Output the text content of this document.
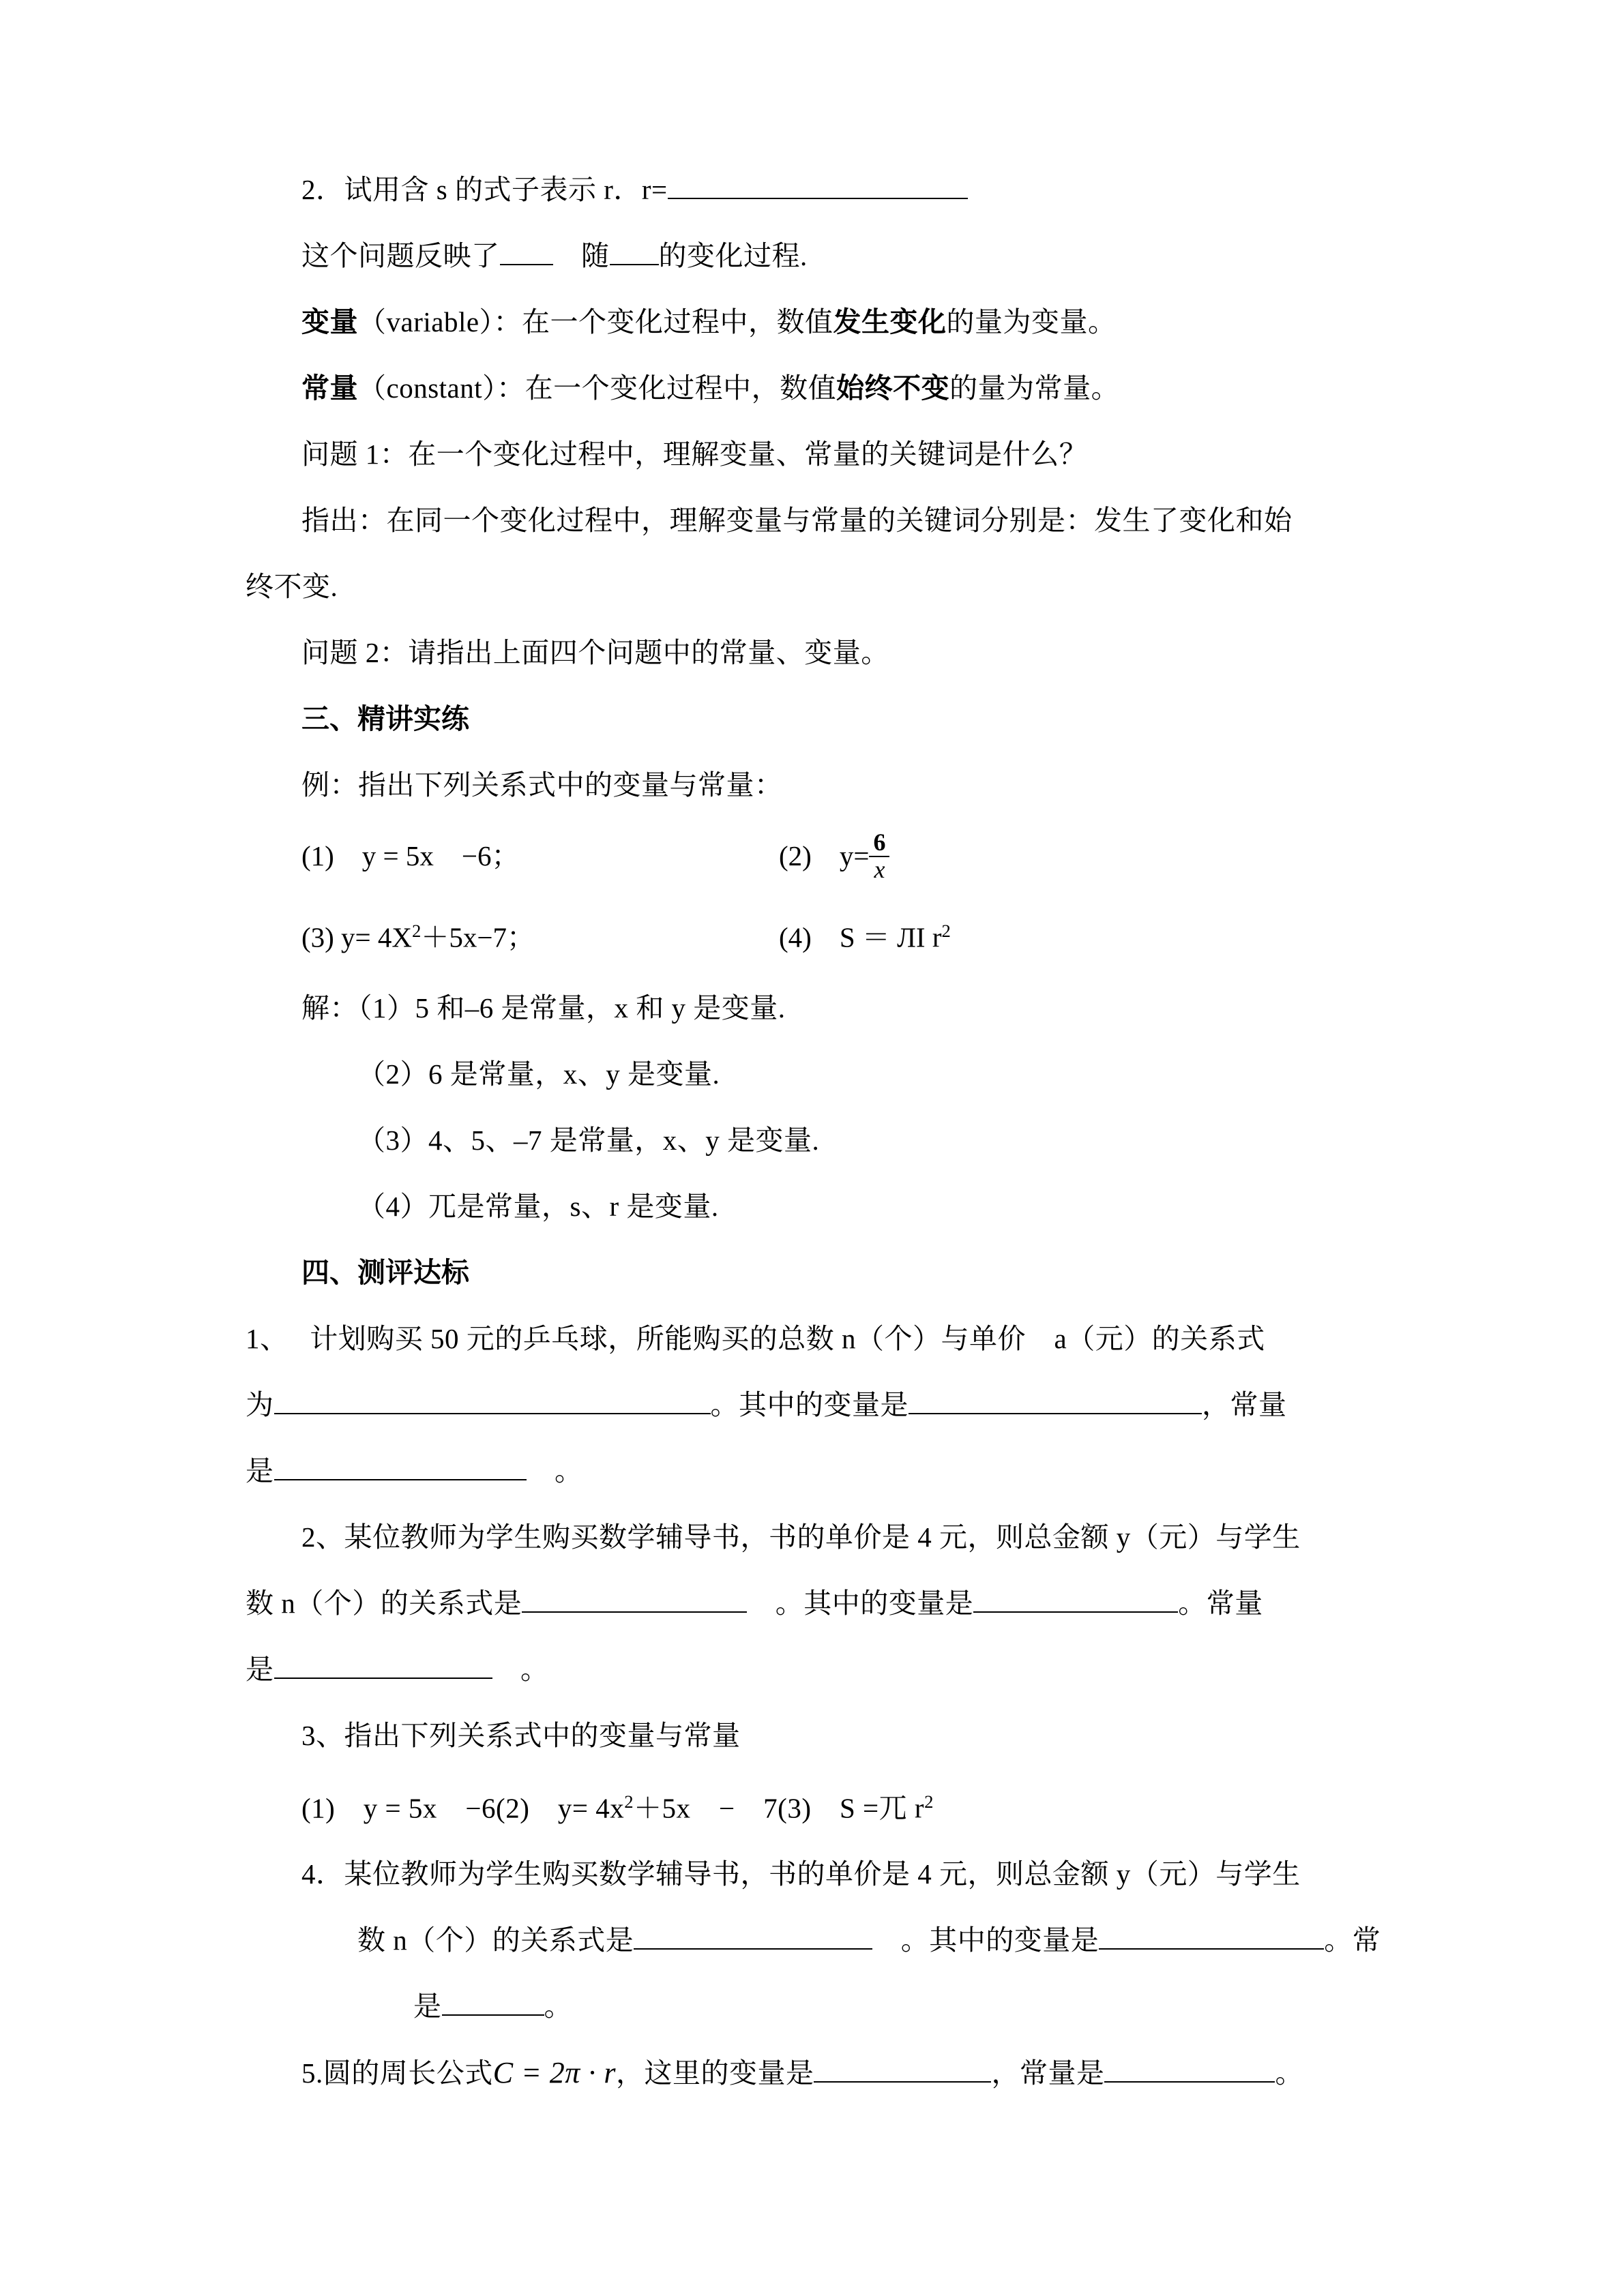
2．试用含 s 的式子表示 r．r=
这个问题反映了　	随 的变化过程.
变量（variable）：在一个变化过程中，数值发生变化的量为变量。
常量（constant）：在一个变化过程中，数值始终不变的量为常量。
问题 1：在一个变化过程中，理解变量、常量的关键词是什么？
指出：在同一个变化过程中，理解变量与常量的关键词分别是：发生了变化和始
终不变.
问题 2：请指出上面四个问题中的常量、变量。
三、精讲实练
例：指出下列关系式中的变量与常量：
(1)　y = 5x　−6；	(2)　$y= \frac{6}{x}$
(3) $y= 4X^2+5x-7$；	(4)　S ＝ ЛI $r^2$
解：（1）5 和–6 是常量，x 和 y 是变量.
（2）6 是常量，x、y 是变量.
（3）4、5、–7 是常量，x、y 是变量.
（4）兀是常量，s、r 是变量.
四、测评达标
1、　 计划购买 50 元的乒乓球，所能购买的总数 n（个）与单价　a（元）的关系式
为	。其中的变量是	，常量
是　	。
2、某位教师为学生购买数学辅导书，书的单价是 4 元，则总金额 y（元）与学生
数 n（个）的关系式是　	。其中的变量是	。常量
是　	。
3、指出下列关系式中的变量与常量
(1)　y = 5x　−6(2)　$y= 4x^2+5x$　−　7(3)　S =兀 $r^2$
4．某位教师为学生购买数学辅导书，书的单价是 4 元，则总金额 y（元）与学生
数 n（个）的关系式是　	。其中的变量是	。常
是	。
5.圆的周长公式C = 2π · r，这里的变量是	，常量是	。
